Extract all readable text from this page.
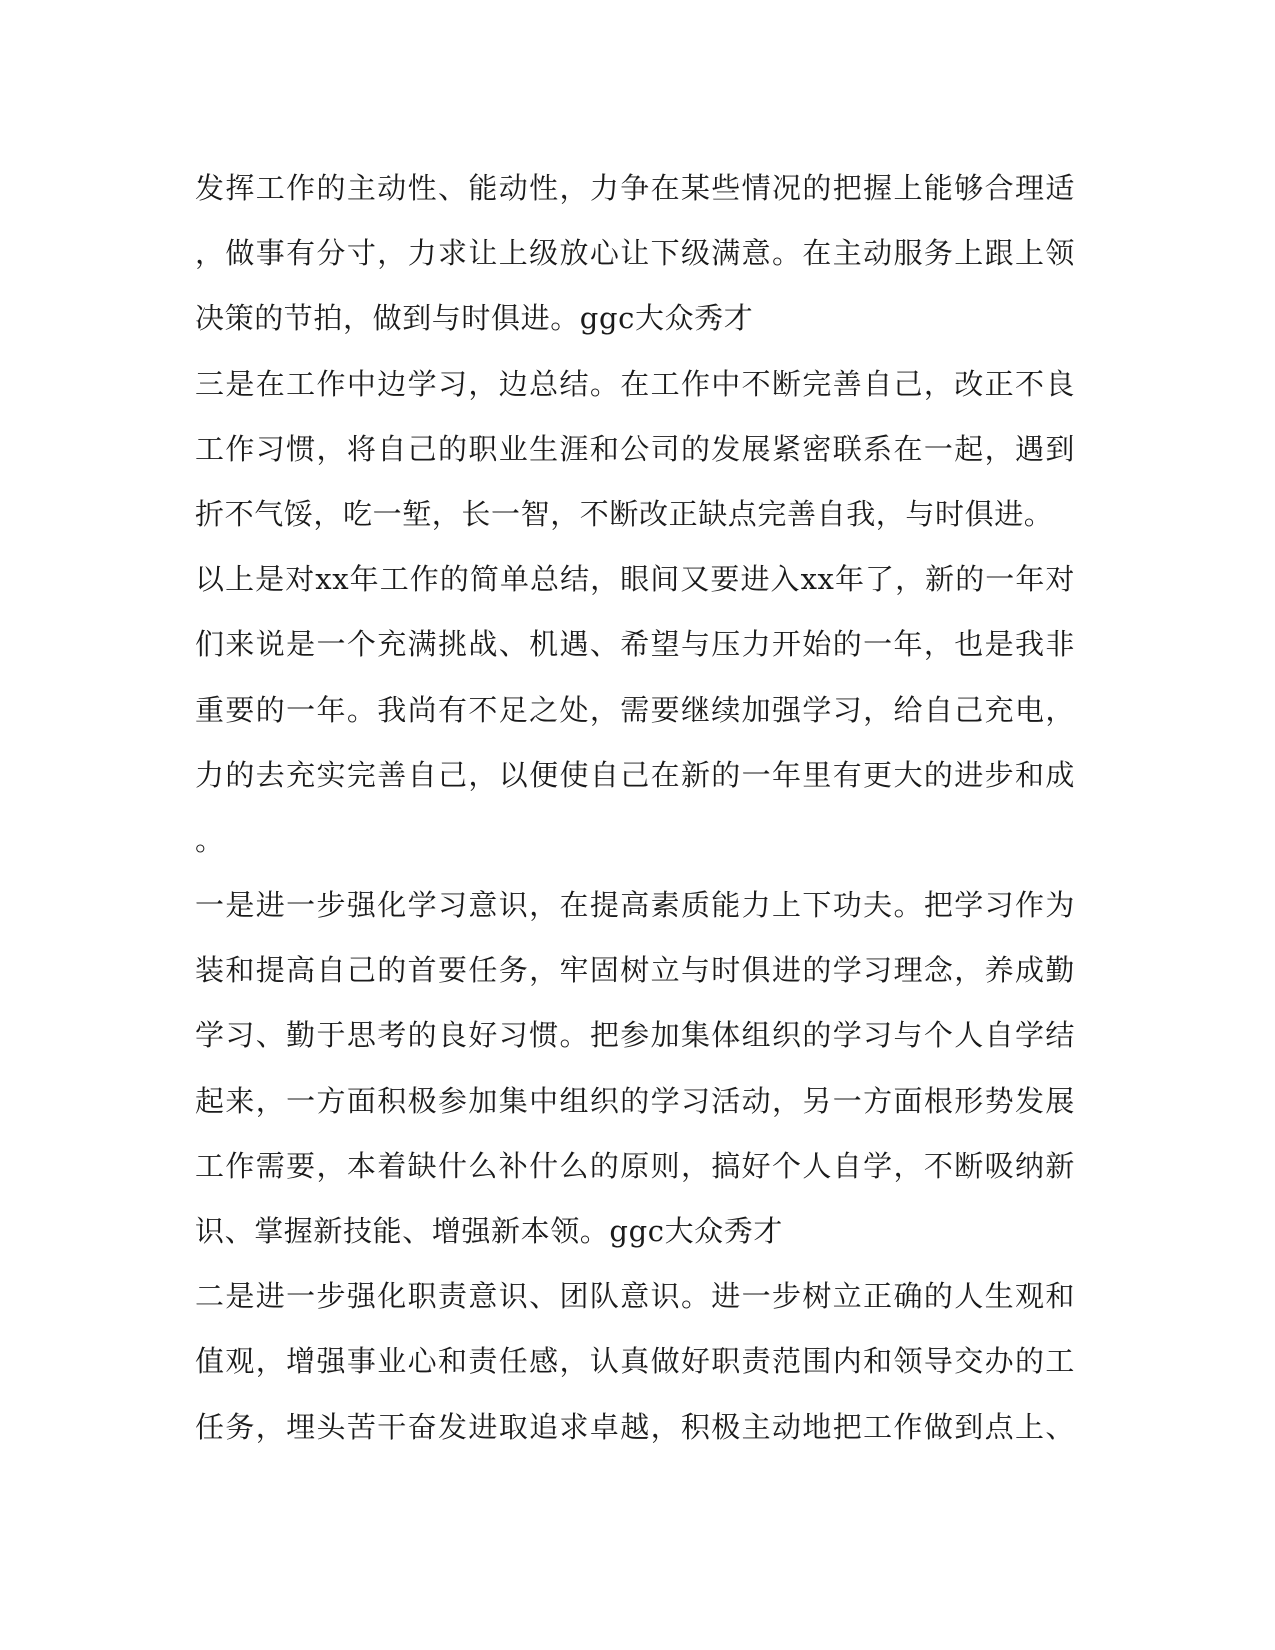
发挥工作的主动性、能动性，力争在某些情况的把握上能够合理适
，做事有分寸，力求让上级放心让下级满意。在主动服务上跟上领
决策的节拍，做到与时俱进。ggc大众秀才
三是在工作中边学习，边总结。在工作中不断完善自己，改正不良
工作习惯，将自己的职业生涯和公司的发展紧密联系在一起，遇到
折不气馁，吃一堑，长一智，不断改正缺点完善自我，与时俱进。
以上是对xx年工作的简单总结，眼间又要进入xx年了，新的一年对
们来说是一个充满挑战、机遇、希望与压力开始的一年，也是我非
重要的一年。我尚有不足之处，需要继续加强学习，给自己充电，
力的去充实完善自己，以便使自己在新的一年里有更大的进步和成
。
一是进一步强化学习意识，在提高素质能力上下功夫。把学习作为
装和提高自己的首要任务，牢固树立与时俱进的学习理念，养成勤
学习、勤于思考的良好习惯。把参加集体组织的学习与个人自学结
起来，一方面积极参加集中组织的学习活动，另一方面根形势发展
工作需要，本着缺什么补什么的原则，搞好个人自学，不断吸纳新
识、掌握新技能、增强新本领。ggc大众秀才
二是进一步强化职责意识、团队意识。进一步树立正确的人生观和
值观，增强事业心和责任感，认真做好职责范围内和领导交办的工
任务，埋头苦干奋发进取追求卓越，积极主动地把工作做到点上、
